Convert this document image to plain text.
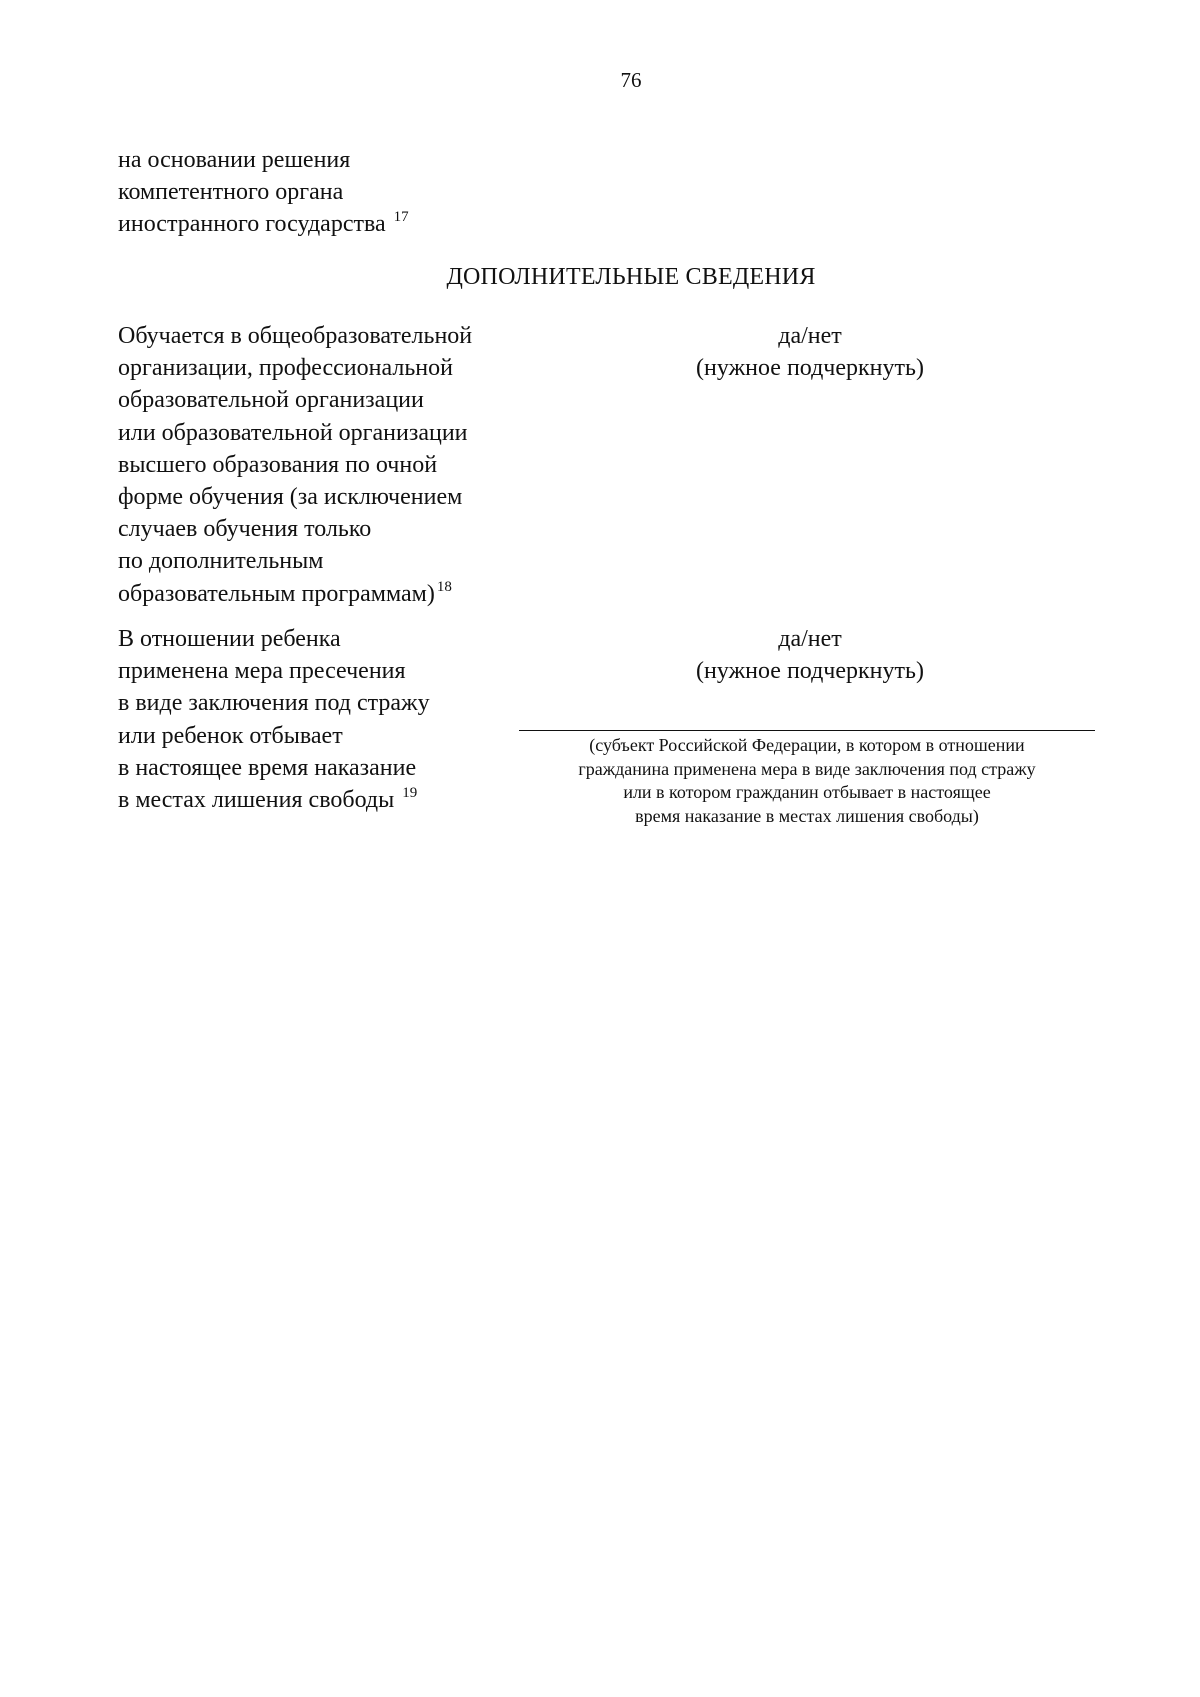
76
на основании решения
компетентного органа
иностранного государства $^{17}$
ДОПОЛНИТЕЛЬНЫЕ СВЕДЕНИЯ
Обучается в общеобразовательной
организации, профессиональной
образовательной организации
или образовательной организации
высшего образования по очной
форме обучения (за исключением
случаев обучения только
по дополнительным
образовательным программам) $^{18}$
да/нет
(нужное подчеркнуть)
В отношении ребенка
применена мера пресечения
в виде заключения под стражу
или ребенок отбывает
в настоящее время наказание
в местах лишения свободы $^{19}$
да/нет
(нужное подчеркнуть)
(субъект Российской Федерации, в котором в отношении
гражданина применена мера в виде заключения под стражу
или в котором гражданин отбывает в настоящее
время наказание в местах лишения свободы)
